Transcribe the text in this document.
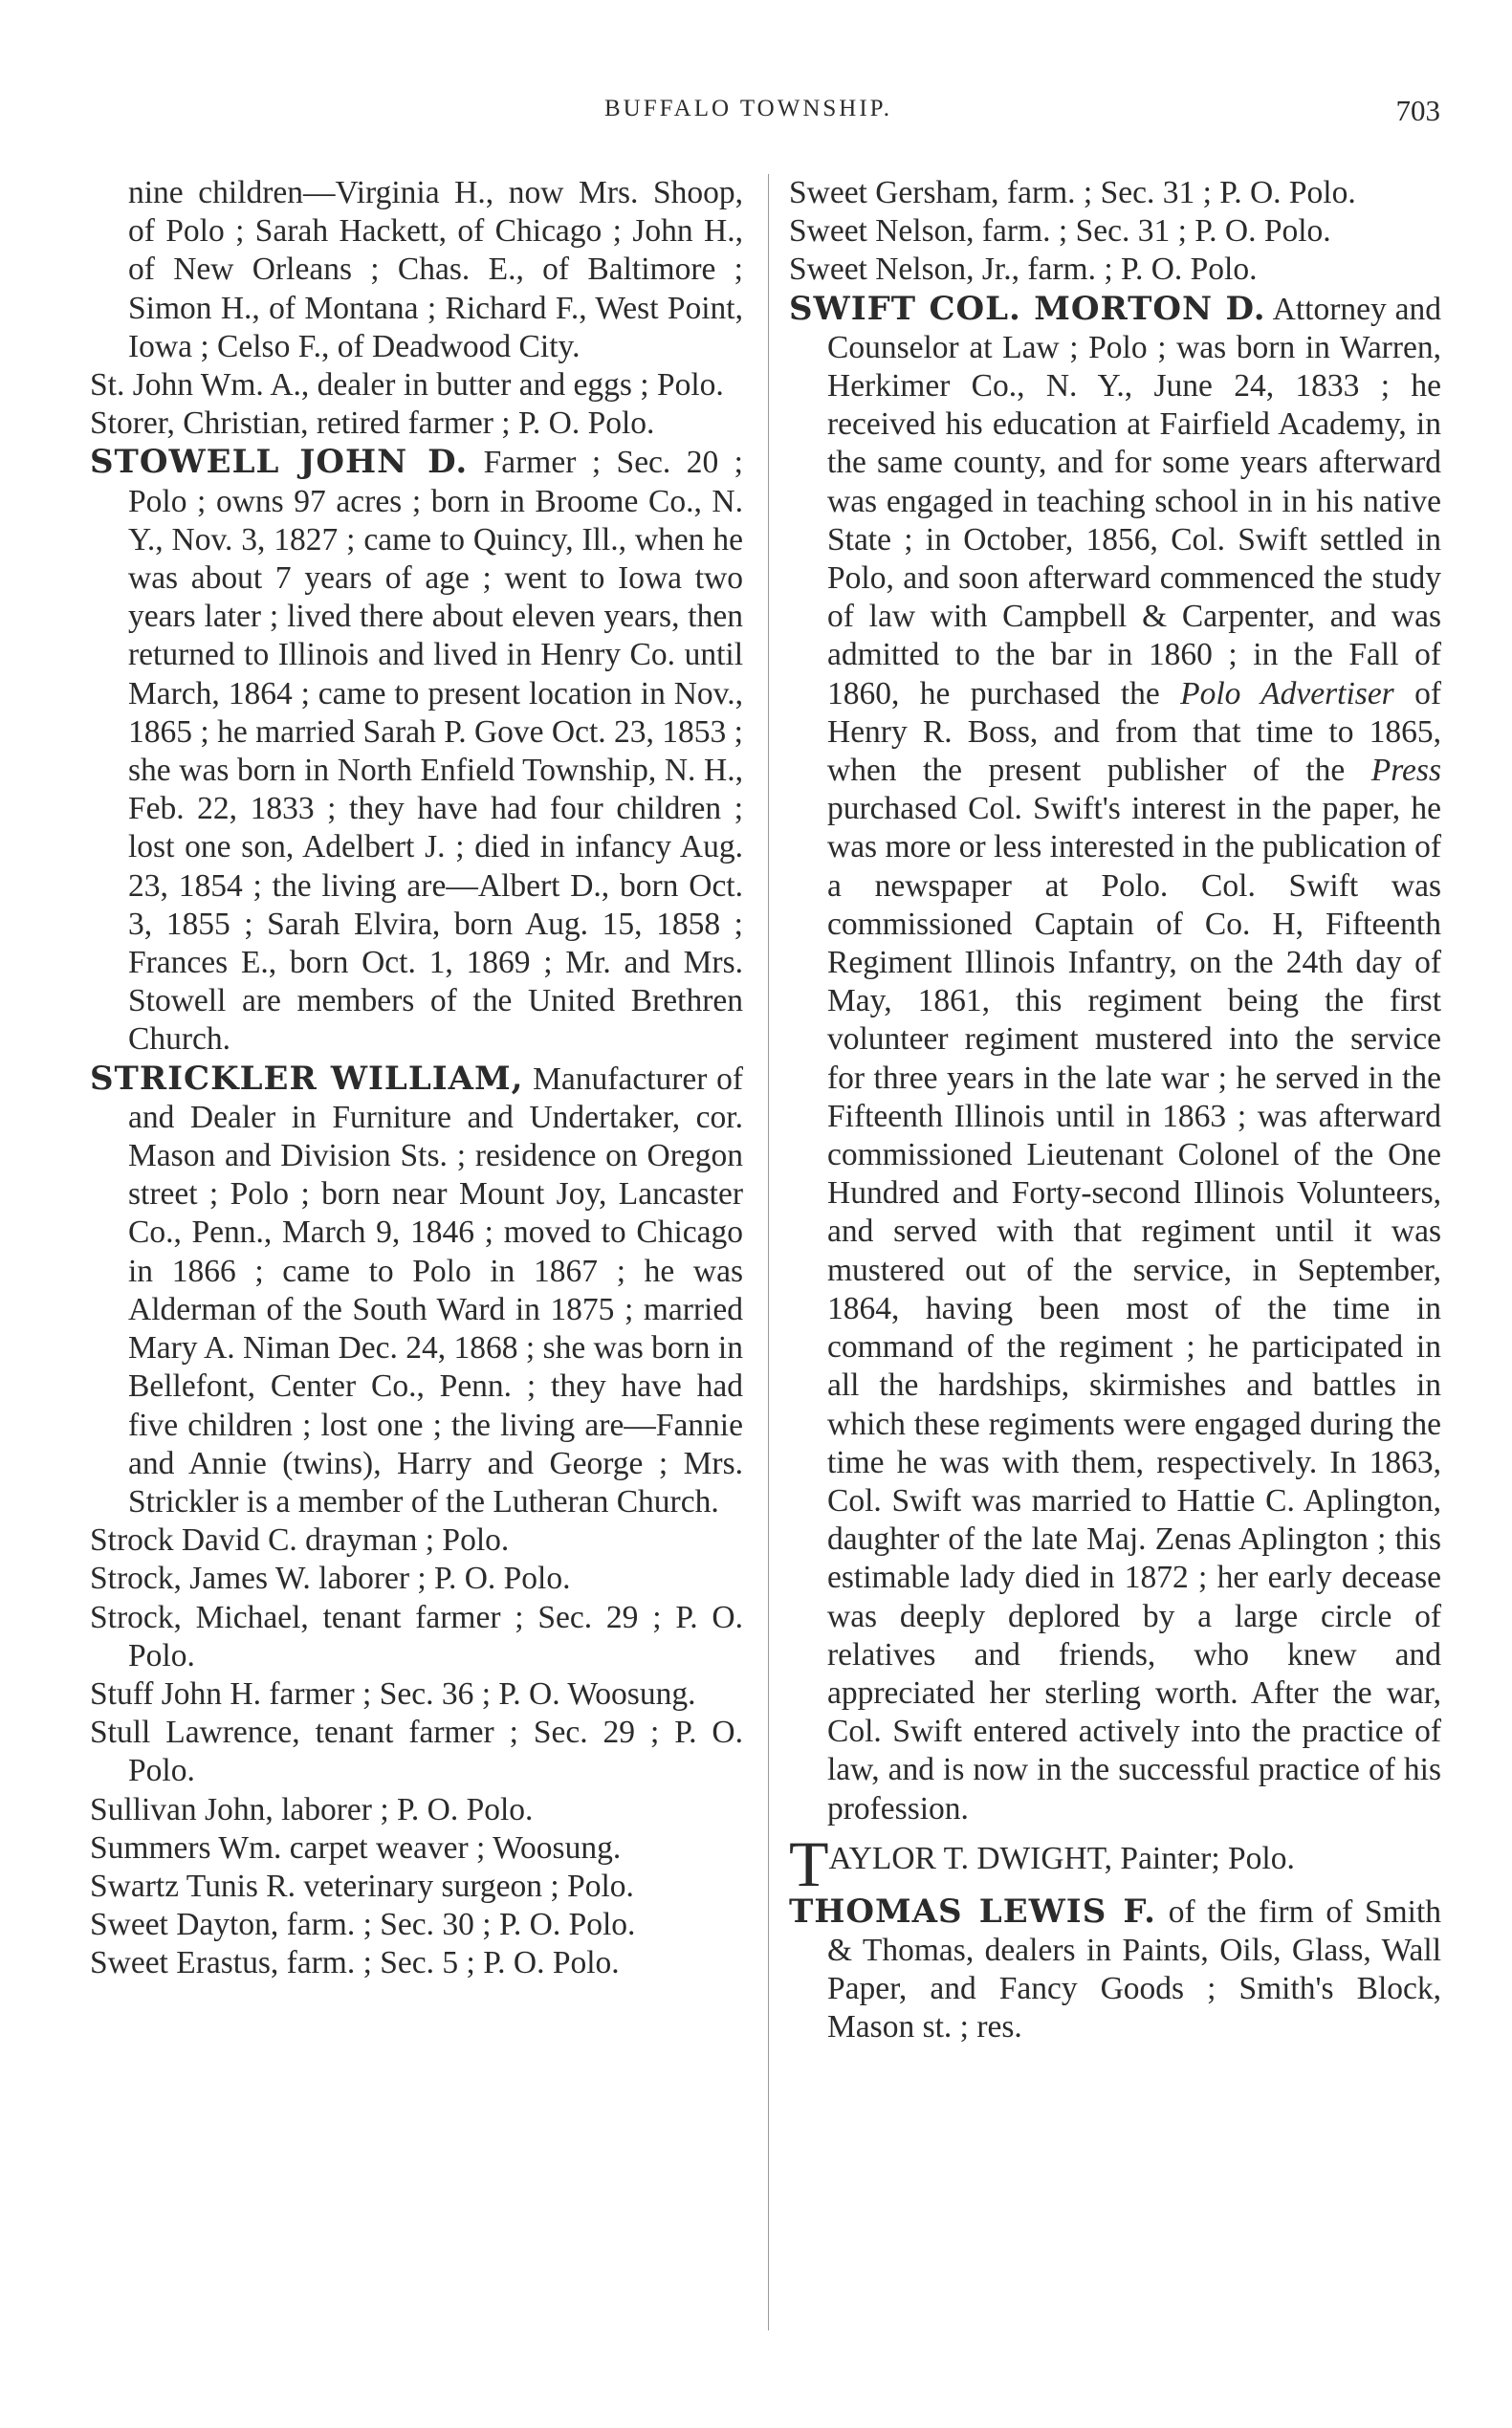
BUFFALO TOWNSHIP.	703

nine children—Virginia H., now Mrs. Shoop, of Polo ; Sarah Hackett, of Chicago ; John H., of New Orleans ; Chas. E., of Baltimore ; Simon H., of Montana ; Richard F., West Point, Iowa ; Celso F., of Deadwood City.

St. John Wm. A., dealer in butter and eggs ; Polo.

Storer, Christian, retired farmer ; P. O. Polo.

STOWELL JOHN D. Farmer ; Sec. 20 ; Polo ; owns 97 acres ; born in Broome Co., N. Y., Nov. 3, 1827 ; came to Quincy, Ill., when he was about 7 years of age ; went to Iowa two years later ; lived there about eleven years, then returned to Illinois and lived in Henry Co. until March, 1864 ; came to present location in Nov., 1865 ; he married Sarah P. Gove Oct. 23, 1853 ; she was born in North Enfield Township, N. H., Feb. 22, 1833 ; they have had four children ; lost one son, Adelbert J. ; died in infancy Aug. 23, 1854 ; the living are—Albert D., born Oct. 3, 1855 ; Sarah Elvira, born Aug. 15, 1858 ; Frances E., born Oct. 1, 1869 ; Mr. and Mrs. Stowell are members of the United Brethren Church.

STRICKLER WILLIAM, Manufacturer of and Dealer in Furniture and Undertaker, cor. Mason and Division Sts. ; residence on Oregon street ; Polo ; born near Mount Joy, Lancaster Co., Penn., March 9, 1846 ; moved to Chicago in 1866 ; came to Polo in 1867 ; he was Alderman of the South Ward in 1875 ; married Mary A. Niman Dec. 24, 1868 ; she was born in Bellefont, Center Co., Penn. ; they have had five children ; lost one ; the living are—Fannie and Annie (twins), Harry and George ; Mrs. Strickler is a member of the Lutheran Church.

Strock David C. drayman ; Polo.

Strock, James W. laborer ; P. O. Polo.

Strock, Michael, tenant farmer ; Sec. 29 ; P. O. Polo.

Stuff John H. farmer ; Sec. 36 ; P. O. Woosung.

Stull Lawrence, tenant farmer ; Sec. 29 ; P. O. Polo.

Sullivan John, laborer ; P. O. Polo.

Summers Wm. carpet weaver ; Woosung.

Swartz Tunis R. veterinary surgeon ; Polo.

Sweet Dayton, farm. ; Sec. 30 ; P. O. Polo.

Sweet Erastus, farm. ; Sec. 5 ; P. O. Polo.

Sweet Gersham, farm. ; Sec. 31 ; P. O. Polo.

Sweet Nelson, farm. ; Sec. 31 ; P. O. Polo.

Sweet Nelson, Jr., farm. ; P. O. Polo.

SWIFT COL. MORTON D. Attorney and Counselor at Law ; Polo ; was born in Warren, Herkimer Co., N. Y., June 24, 1833 ; he received his education at Fairfield Academy, in the same county, and for some years afterward was engaged in teaching school in in his native State ; in October, 1856, Col. Swift settled in Polo, and soon afterward commenced the study of law with Campbell & Carpenter, and was admitted to the bar in 1860 ; in the Fall of 1860, he purchased the Polo Advertiser of Henry R. Boss, and from that time to 1865, when the present publisher of the Press purchased Col. Swift's interest in the paper, he was more or less interested in the publication of a newspaper at Polo. Col. Swift was commissioned Captain of Co. H, Fifteenth Regiment Illinois Infantry, on the 24th day of May, 1861, this regiment being the first volunteer regiment mustered into the service for three years in the late war ; he served in the Fifteenth Illinois until in 1863 ; was afterward commissioned Lieutenant Colonel of the One Hundred and Forty-second Illinois Volunteers, and served with that regiment until it was mustered out of the service, in September, 1864, having been most of the time in command of the regiment ; he participated in all the hardships, skirmishes and battles in which these regiments were engaged during the time he was with them, respectively. In 1863, Col. Swift was married to Hattie C. Aplington, daughter of the late Maj. Zenas Aplington ; this estimable lady died in 1872 ; her early decease was deeply deplored by a large circle of relatives and friends, who knew and appreciated her sterling worth. After the war, Col. Swift entered actively into the practice of law, and is now in the successful practice of his profession.

TAYLOR T. DWIGHT, Painter; Polo.

THOMAS LEWIS F. of the firm of Smith & Thomas, dealers in Paints, Oils, Glass, Wall Paper, and Fancy Goods ; Smith's Block, Mason st. ; res.
